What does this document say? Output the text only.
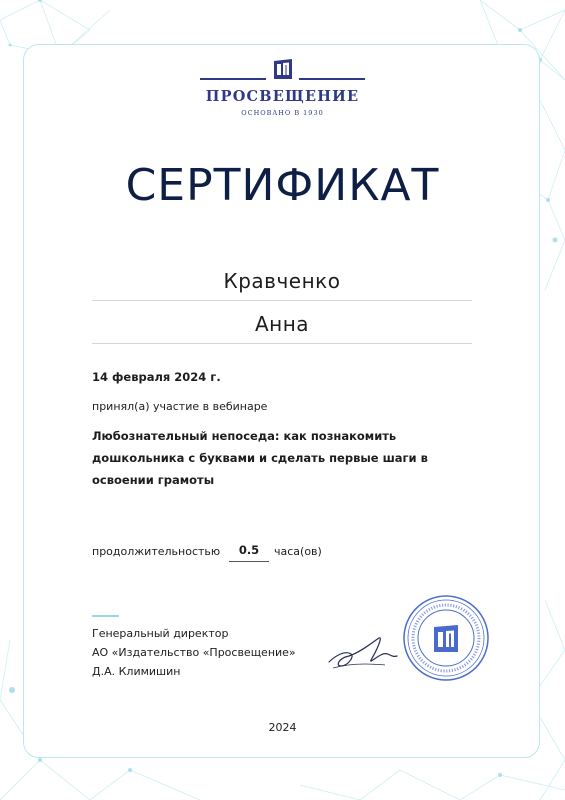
ПРОСВЕЩЕНИЕ
ОСНОВАНО В 1930
СЕРТИФИКАТ
Кравченко
Анна
14 февраля 2024 г.
принял(а) участие в вебинаре
Любознательный непоседа: как познакомить дошкольника с буквами и сделать первые шаги в освоении грамоты
продолжительностью	0.5	часа(ов)
Генеральный директор
АО «Издательство «Просвещение»
Д.А. Климишин
2024
